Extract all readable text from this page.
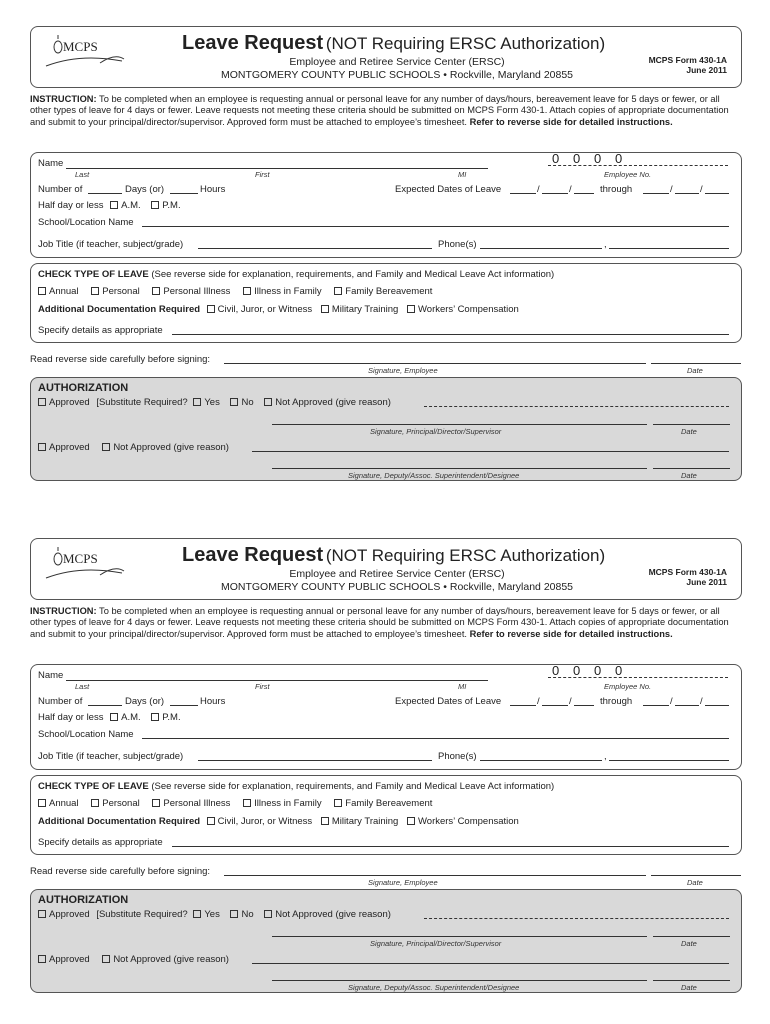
MCPS	Leave Request (NOT Requiring ERSC Authorization)
Employee and Retiree Service Center (ERSC)
MONTGOMERY COUNTY PUBLIC SCHOOLS • Rockville, Maryland 20855
MCPS Form 430-1A
June 2011
INSTRUCTION: To be completed when an employee is requesting annual or personal leave for any number of days/hours, bereavement leave for 5 days or fewer, or all other types of leave for 4 days or fewer. Leave requests not meeting these criteria should be submitted on MCPS Form 430-1. Attach copies of appropriate documentation and submit to your principal/director/supervisor. Approved form must be attached to employee’s timesheet. Refer to reverse side for detailed instructions.
Name
Last	First	MI
0 0 0 0
Employee No.
Number of	Days (or)	Hours	Expected Dates of Leave	/	/	through	/	/
Half day or less A.M. P.M.
School/Location Name
Job Title (if teacher, subject/grade)	Phone(s)	,
CHECK TYPE OF LEAVE (See reverse side for explanation, requirements, and Family and Medical Leave Act information)
Annual Personal Personal Illness Illness in Family Family Bereavement
Additional Documentation Required Civil, Juror, or Witness Military Training Workers’ Compensation
Specify details as appropriate
Read reverse side carefully before signing:
Signature, Employee	Date
AUTHORIZATION
Approved [Substitute Required? Yes No Not Approved (give reason)
Signature, Principal/Director/Supervisor	Date
Approved Not Approved (give reason)
Signature, Deputy/Assoc. Superintendent/Designee	Date
MCPS	Leave Request (NOT Requiring ERSC Authorization)
Employee and Retiree Service Center (ERSC)
MONTGOMERY COUNTY PUBLIC SCHOOLS • Rockville, Maryland 20855
MCPS Form 430-1A
June 2011
INSTRUCTION: To be completed when an employee is requesting annual or personal leave for any number of days/hours, bereavement leave for 5 days or fewer, or all other types of leave for 4 days or fewer. Leave requests not meeting these criteria should be submitted on MCPS Form 430-1. Attach copies of appropriate documentation and submit to your principal/director/supervisor. Approved form must be attached to employee’s timesheet. Refer to reverse side for detailed instructions.
Name
Last	First	MI
0 0 0 0
Employee No.
Number of	Days (or)	Hours	Expected Dates of Leave	/	/	through	/	/
Half day or less A.M. P.M.
School/Location Name
Job Title (if teacher, subject/grade)	Phone(s)	,
CHECK TYPE OF LEAVE (See reverse side for explanation, requirements, and Family and Medical Leave Act information)
Annual Personal Personal Illness Illness in Family Family Bereavement
Additional Documentation Required Civil, Juror, or Witness Military Training Workers’ Compensation
Specify details as appropriate
Read reverse side carefully before signing:
Signature, Employee	Date
AUTHORIZATION
Approved [Substitute Required? Yes No Not Approved (give reason)
Signature, Principal/Director/Supervisor	Date
Approved Not Approved (give reason)
Signature, Deputy/Assoc. Superintendent/Designee	Date
